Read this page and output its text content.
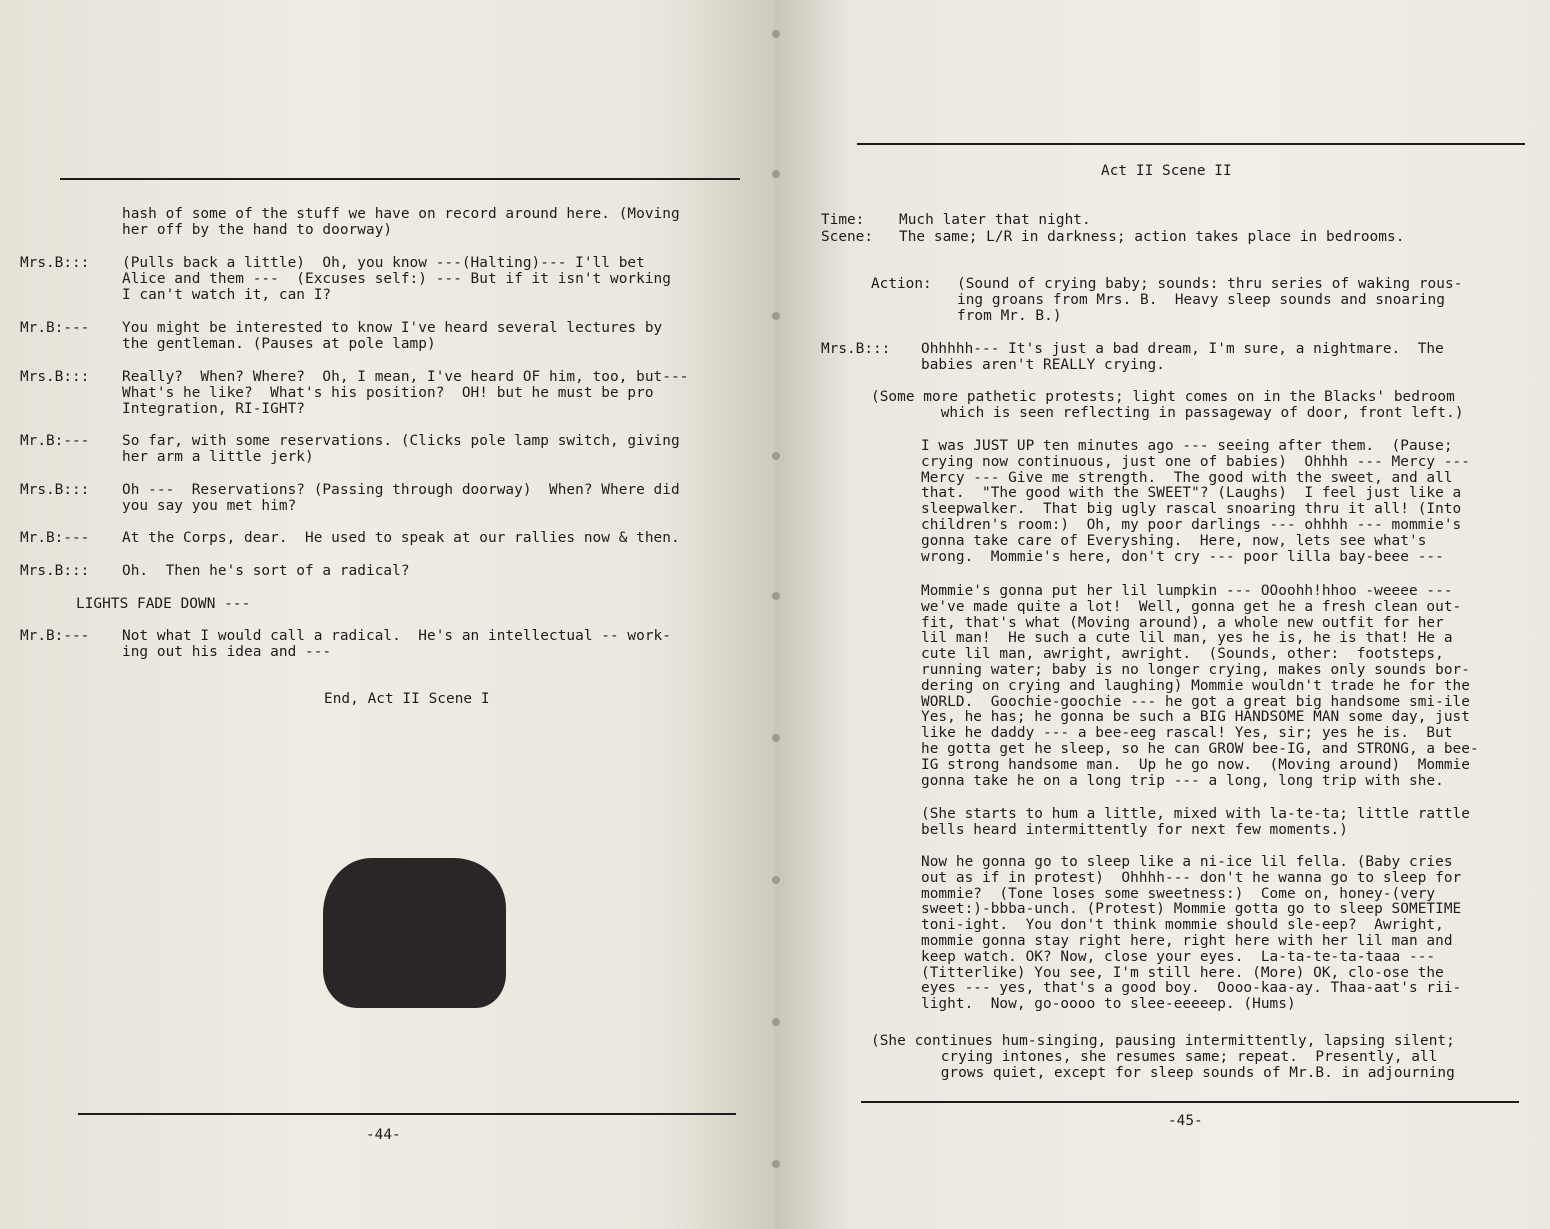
hash of some of the stuff we have on record around here. (Moving
her off by the hand to doorway)
Mrs.B::: (Pulls back a little)  Oh, you know ---(Halting)--- I'll bet
Alice and them ---  (Excuses self:) --- But if it isn't working
I can't watch it, can I?
Mr.B:--- You might be interested to know I've heard several lectures by
the gentleman. (Pauses at pole lamp)
Mrs.B::: Really?  When? Where?  Oh, I mean, I've heard OF him, too, but---
What's he like?  What's his position?  OH! but he must be pro
Integration, RI-IGHT?
Mr.B:--- So far, with some reservations. (Clicks pole lamp switch, giving
her arm a little jerk)
Mrs.B::: Oh ---  Reservations? (Passing through doorway)  When? Where did
you say you met him?
Mr.B:--- At the Corps, dear.  He used to speak at our rallies now & then.
Mrs.B::: Oh.  Then he's sort of a radical?
LIGHTS FADE DOWN ---
Mr.B:--- Not what I would call a radical.  He's an intellectual -- work-
ing out his idea and ---
End, Act II Scene I
-44-
Act II Scene II
Time: Much later that night.
Scene: The same; L/R in darkness; action takes place in bedrooms.
Action: (Sound of crying baby; sounds: thru series of waking rous-
ing groans from Mrs. B.  Heavy sleep sounds and snoaring
from Mr. B.)
Mrs.B::: Ohhhhh--- It's just a bad dream, I'm sure, a nightmare.  The
babies aren't REALLY crying.
(Some more pathetic protests; light comes on in the Blacks' bedroom
which is seen reflecting in passageway of door, front left.)
I was JUST UP ten minutes ago --- seeing after them.  (Pause;
crying now continuous, just one of babies)  Ohhhh --- Mercy ---
Mercy --- Give me strength.  The good with the sweet, and all
that.  "The good with the SWEET"? (Laughs)  I feel just like a
sleepwalker.  That big ugly rascal snoaring thru it all! (Into
children's room:)  Oh, my poor darlings --- ohhhh --- mommie's
gonna take care of Everyshing.  Here, now, lets see what's
wrong.  Mommie's here, don't cry --- poor lilla bay-beee ---
Mommie's gonna put her lil lumpkin --- OOoohh!hhoo -weeee ---
we've made quite a lot!  Well, gonna get he a fresh clean out-
fit, that's what (Moving around), a whole new outfit for her
lil man!  He such a cute lil man, yes he is, he is that! He a
cute lil man, awright, awright.  (Sounds, other:  footsteps,
running water; baby is no longer crying, makes only sounds bor-
dering on crying and laughing) Mommie wouldn't trade he for the
WORLD.  Goochie-goochie --- he got a great big handsome smi-ile
Yes, he has; he gonna be such a BIG HANDSOME MAN some day, just
like he daddy --- a bee-eeg rascal! Yes, sir; yes he is.  But
he gotta get he sleep, so he can GROW bee-IG, and STRONG, a bee-
IG strong handsome man.  Up he go now.  (Moving around)  Mommie
gonna take he on a long trip --- a long, long trip with she.
(She starts to hum a little, mixed with la-te-ta; little rattle
bells heard intermittently for next few moments.)
Now he gonna go to sleep like a ni-ice lil fella. (Baby cries
out as if in protest)  Ohhhh--- don't he wanna go to sleep for
mommie?  (Tone loses some sweetness:)  Come on, honey-(very
sweet:)-bbba-unch. (Protest) Mommie gotta go to sleep SOMETIME
toni-ight.  You don't think mommie should sle-eep?  Awright,
mommie gonna stay right here, right here with her lil man and
keep watch. OK? Now, close your eyes.  La-ta-te-ta-taaa ---
(Titterlike) You see, I'm still here. (More) OK, clo-ose the
eyes --- yes, that's a good boy.  Oooo-kaa-ay. Thaa-aat's rii-
light.  Now, go-oooo to slee-eeeeep. (Hums)
(She continues hum-singing, pausing intermittently, lapsing silent;
crying intones, she resumes same; repeat.  Presently, all
grows quiet, except for sleep sounds of Mr.B. in adjourning
-45-
